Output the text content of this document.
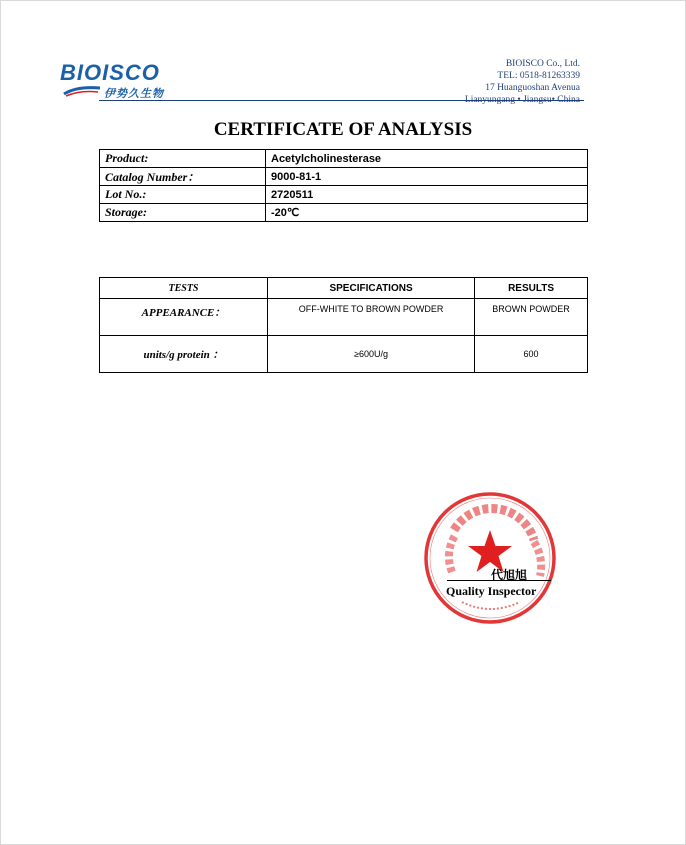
BIOISCO
伊势久生物
BIOISCO Co., Ltd.
TEL: 0518-81263339
17 Huanguoshan Avenua
Lianyungang • Jiangsu• China
CERTIFICATE OF ANALYSIS
Product:	Acetylcholinesterase
Catalog Number：	9000-81-1
Lot No.:	2720511
Storage:	-20℃
TESTS	SPECIFICATIONS	RESULTS
APPEARANCE：	OFF-WHITE TO BROWN POWDER	BROWN POWDER
units/g protein ：	≥600U/g	600
代旭旭
Quality Inspector
